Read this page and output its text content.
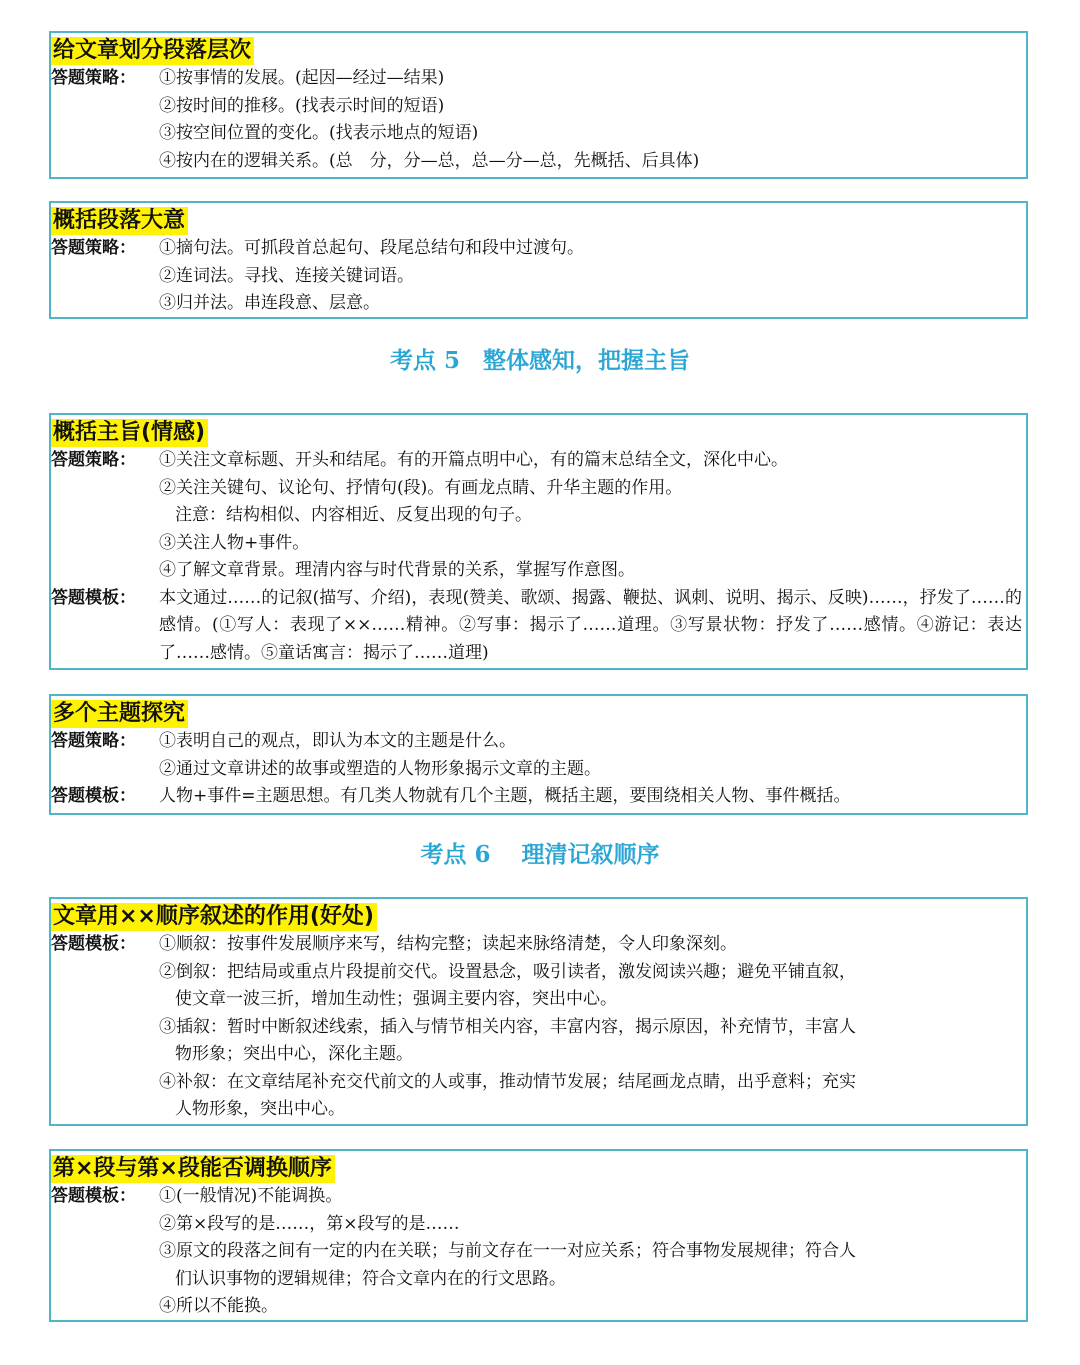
给文章划分段落层次
答题策略：	①按事情的发展。(起因—经过—结果)
②按时间的推移。(找表示时间的短语)
③按空间位置的变化。(找表示地点的短语)
④按内在的逻辑关系。(总　分，分—总，总—分—总，先概括、后具体)
概括段落大意
答题策略：	①摘句法。可抓段首总起句、段尾总结句和段中过渡句。
②连词法。寻找、连接关键词语。
③归并法。串连段意、层意。
考点 5　整体感知，把握主旨
概括主旨(情感)
答题策略：	①关注文章标题、开头和结尾。有的开篇点明中心，有的篇末总结全文，深化中心。
②关注关键句、议论句、抒情句(段)。有画龙点睛、升华主题的作用。
注意：结构相似、内容相近、反复出现的句子。
③关注人物+事件。
④了解文章背景。理清内容与时代背景的关系，掌握写作意图。
答题模板：	本文通过……的记叙(描写、介绍)，表现(赞美、歌颂、揭露、鞭挞、讽刺、说明、揭示、反映)……，抒发了……的感情。(①写人：表现了××……精神。②写事：揭示了……道理。③写景状物：抒发了……感情。④游记：表达了……感情。⑤童话寓言：揭示了……道理)
多个主题探究
答题策略：	①表明自己的观点，即认为本文的主题是什么。
②通过文章讲述的故事或塑造的人物形象揭示文章的主题。
答题模板：	人物+事件=主题思想。有几类人物就有几个主题，概括主题，要围绕相关人物、事件概括。
考点 6　 理清记叙顺序
文章用××顺序叙述的作用(好处)
答题模板：	①顺叙：按事件发展顺序来写，结构完整；读起来脉络清楚，令人印象深刻。
②倒叙：把结局或重点片段提前交代。设置悬念，吸引读者，激发阅读兴趣；避免平铺直叙，
使文章一波三折，增加生动性；强调主要内容，突出中心。
③插叙：暂时中断叙述线索，插入与情节相关内容，丰富内容，揭示原因，补充情节，丰富人
物形象；突出中心，深化主题。
④补叙：在文章结尾补充交代前文的人或事，推动情节发展；结尾画龙点睛，出乎意料；充实
人物形象，突出中心。
第×段与第×段能否调换顺序
答题模板：	①(一般情况)不能调换。
②第×段写的是……，第×段写的是……
③原文的段落之间有一定的内在关联；与前文存在一一对应关系；符合事物发展规律；符合人
们认识事物的逻辑规律；符合文章内在的行文思路。
④所以不能换。
